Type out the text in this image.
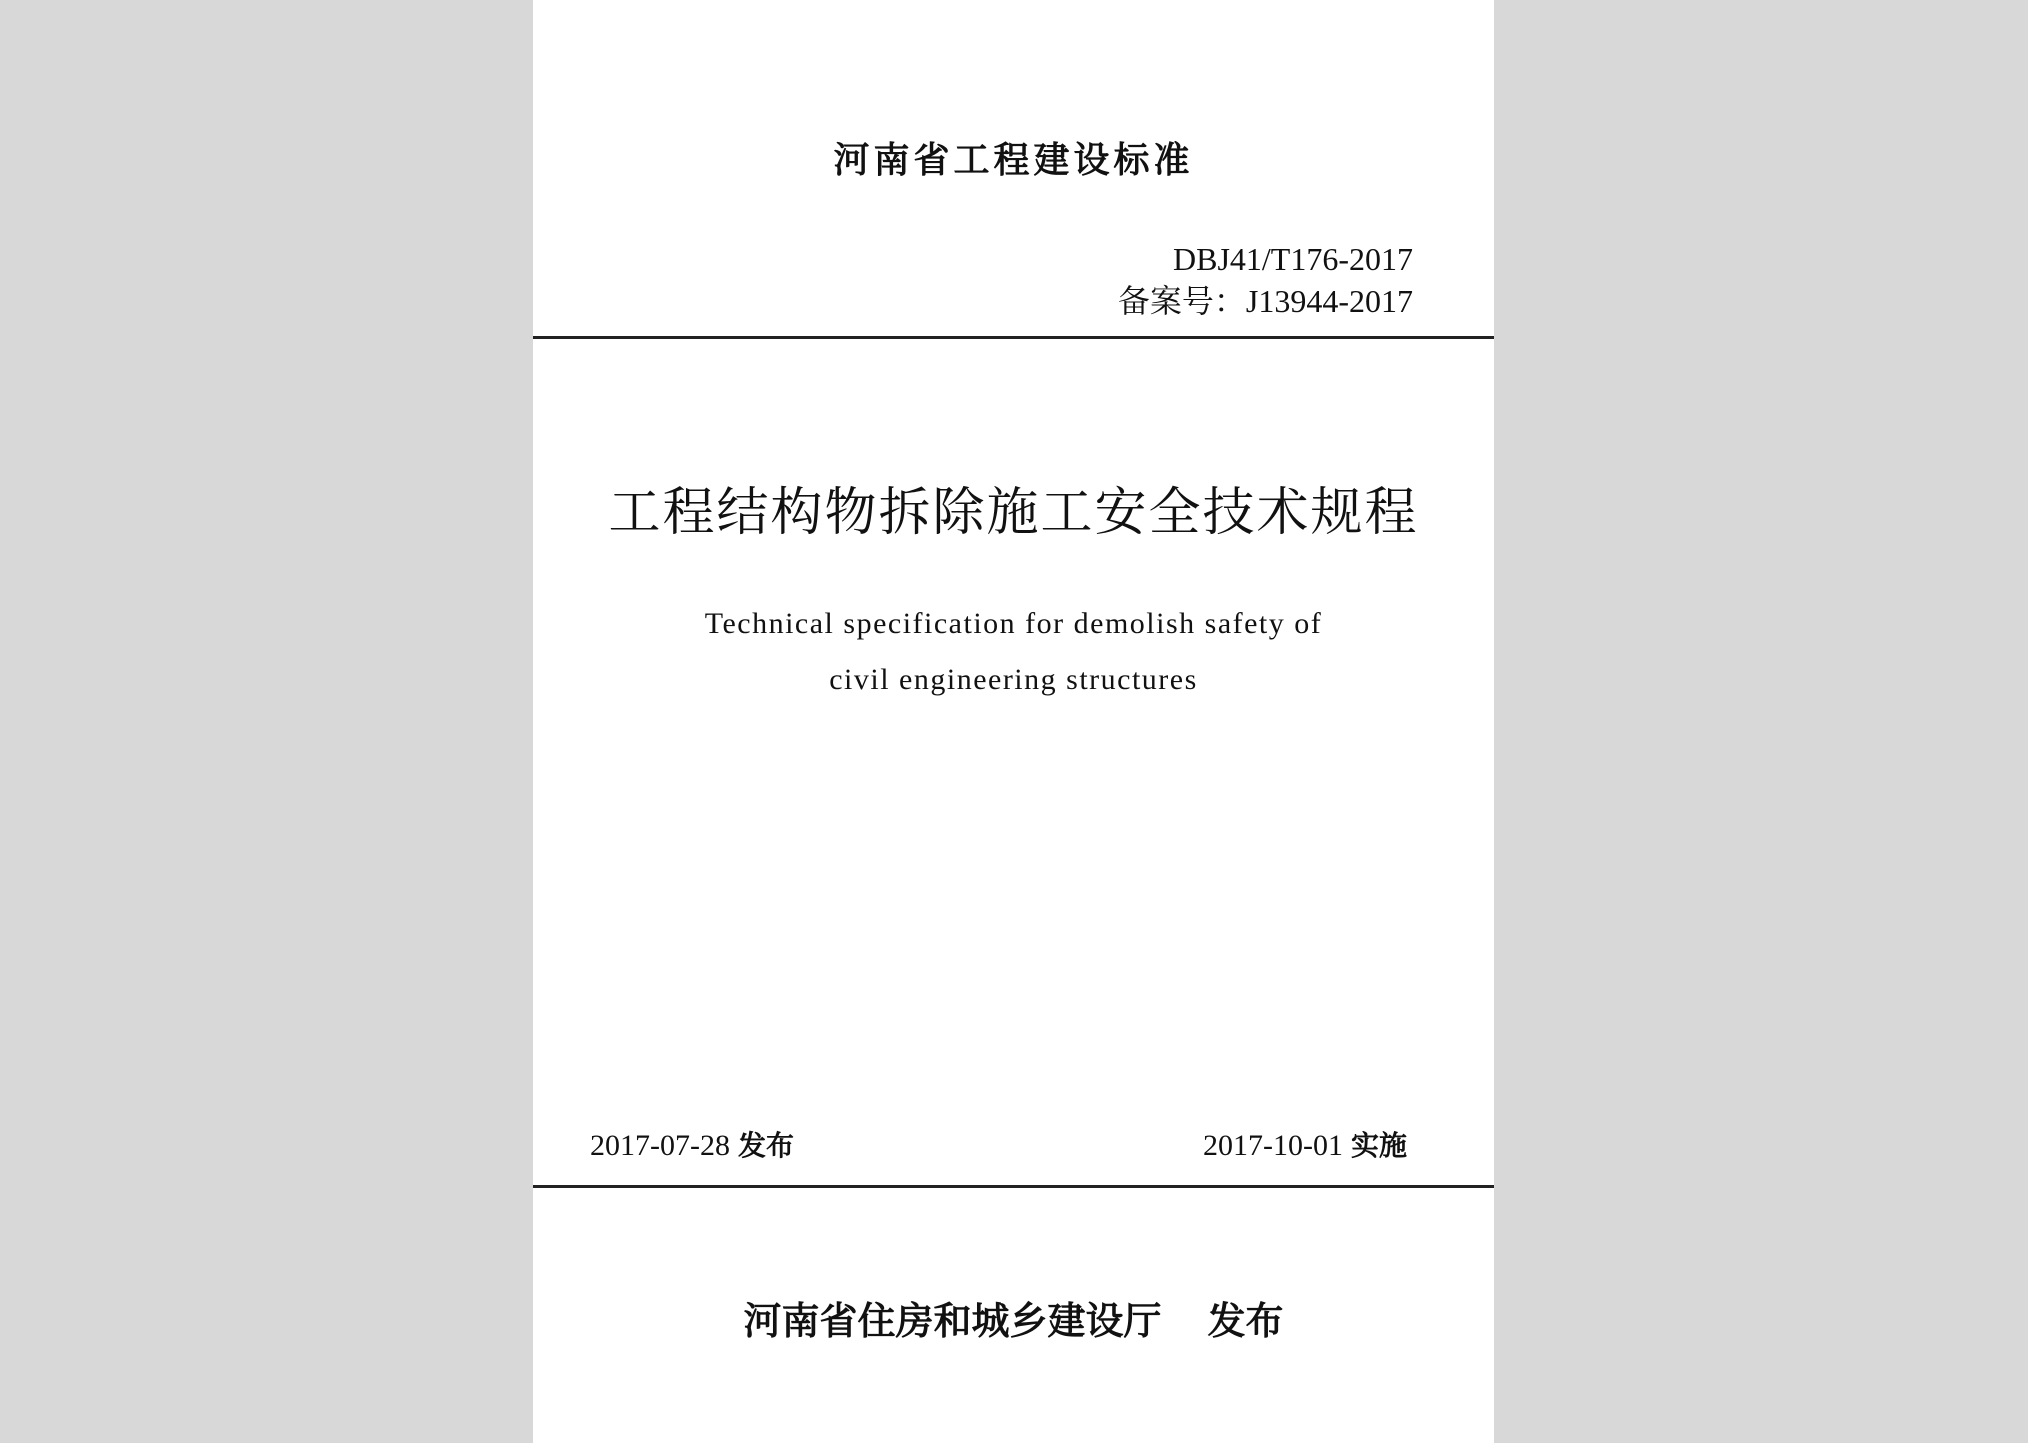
河南省工程建设标准
DBJ41/T176-2017
备案号：J13944-2017
工程结构物拆除施工安全技术规程
Technical specification for demolish safety of
civil engineering structures
2017-07-28 发布	2017-10-01 实施
河南省住房和城乡建设厅 发布
